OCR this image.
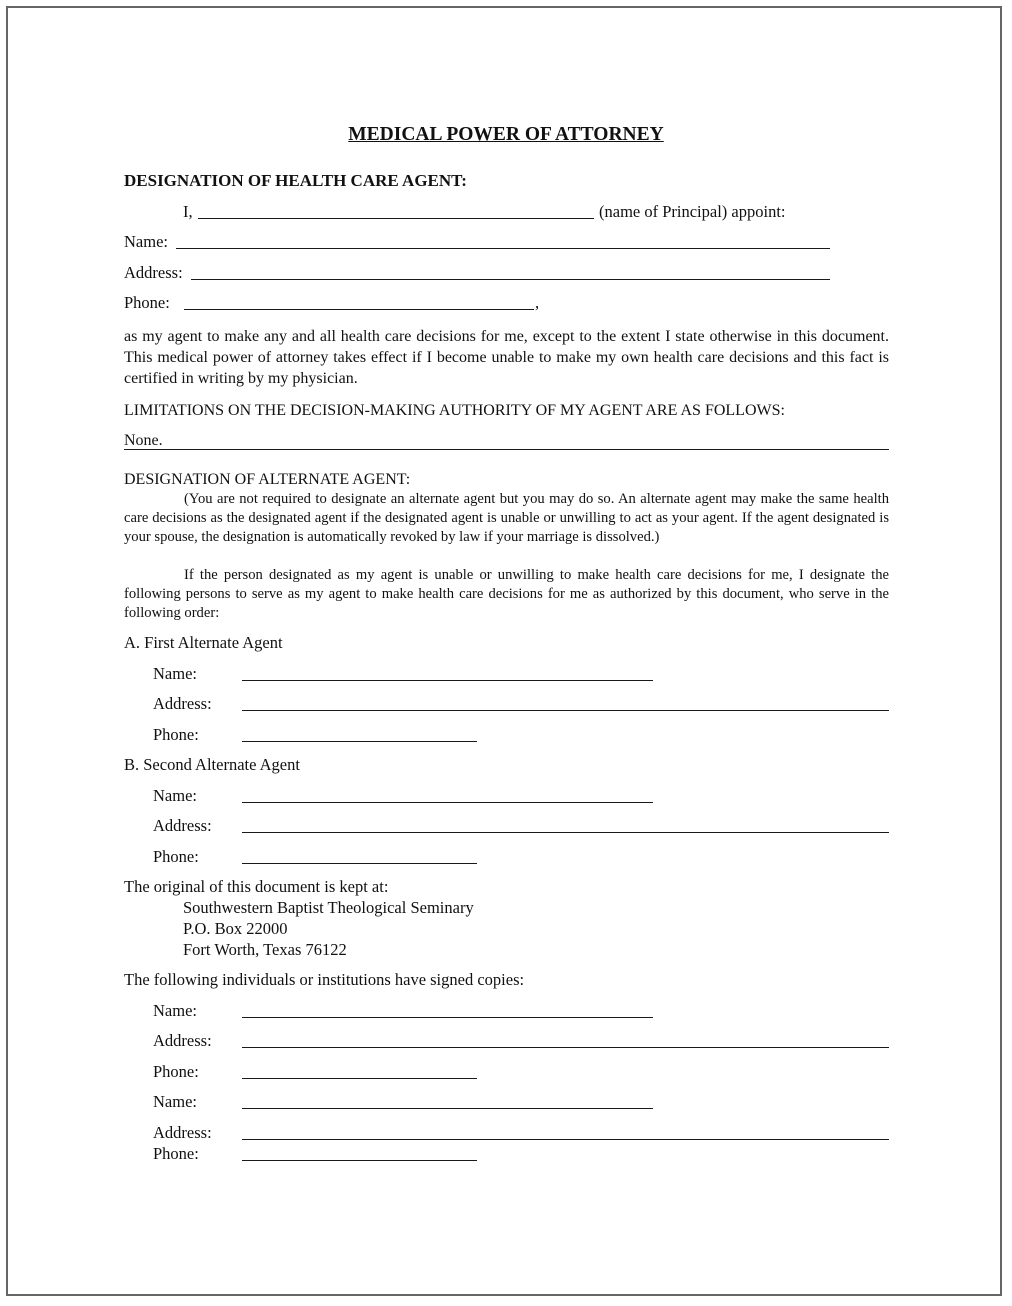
MEDICAL POWER OF ATTORNEY
DESIGNATION OF HEALTH CARE AGENT:
I,	(name of Principal) appoint:
Name:
Address:
Phone:	,
as my agent to make any and all health care decisions for me, except to the extent I state otherwise in this document. This medical power of attorney takes effect if I become unable to make my own health care decisions and this fact is certified in writing by my physician.
LIMITATIONS ON THE DECISION-MAKING AUTHORITY OF MY AGENT ARE AS FOLLOWS:
None.
DESIGNATION OF ALTERNATE AGENT:
(You are not required to designate an alternate agent but you may do so. An alternate agent may make the same health care decisions as the designated agent if the designated agent is unable or unwilling to act as your agent. If the agent designated is your spouse, the designation is automatically revoked by law if your marriage is dissolved.)
If the person designated as my agent is unable or unwilling to make health care decisions for me, I designate the following persons to serve as my agent to make health care decisions for me as authorized by this document, who serve in the following order:
A. First Alternate Agent
Name:
Address:
Phone:
B. Second Alternate Agent
Name:
Address:
Phone:
The original of this document is kept at:
Southwestern Baptist Theological Seminary
P.O. Box 22000
Fort Worth, Texas 76122
The following individuals or institutions have signed copies:
Name:
Address:
Phone:
Name:
Address:
Phone:
